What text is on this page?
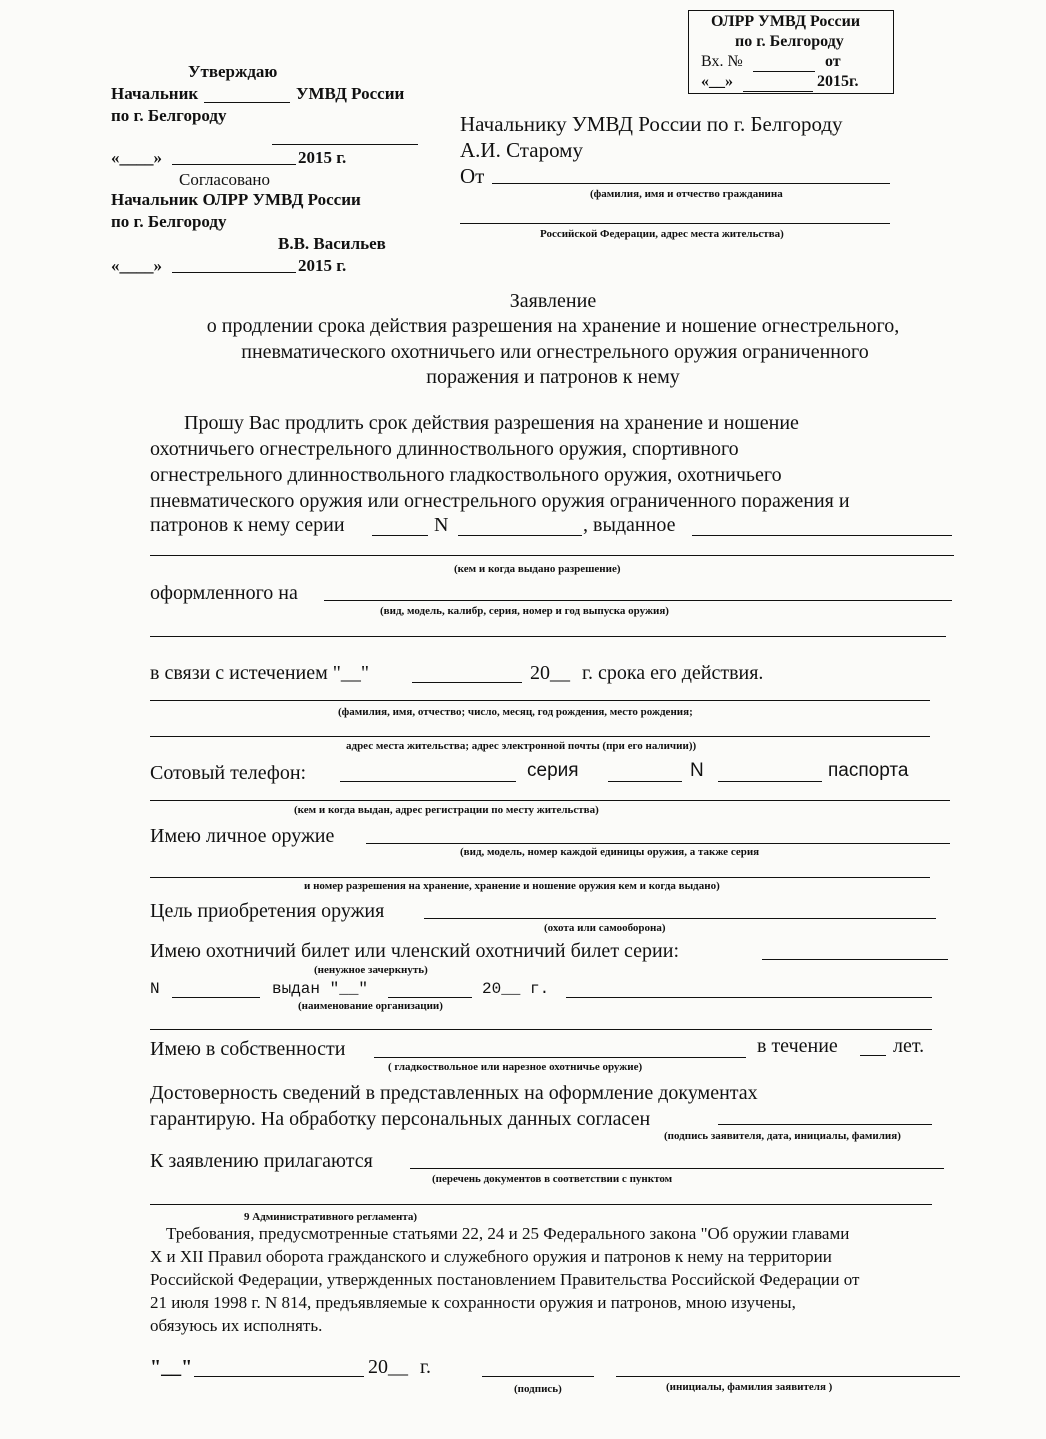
ОЛРР УМВД России
по г. Белгороду
Вх. №	от
«__»	2015г.
Утверждаю
Начальник	УМВД России
по г. Белгороду
«____»	2015 г.
Согласовано
Начальник ОЛРР УМВД России
по г. Белгороду
В.В. Васильев
«____»	2015 г.
Начальнику УМВД России по г. Белгороду
А.И. Старому
От
(фамилия, имя и отчество гражданина
Российской Федерации, адрес места жительства)
Заявление
о продлении срока действия разрешения на хранение и ношение огнестрельного,
пневматического охотничьего или огнестрельного оружия ограниченного
поражения и патронов к нему
Прошу Вас продлить срок действия разрешения на хранение и ношение
охотничьего огнестрельного длинноствольного оружия, спортивного
огнестрельного длинноствольного гладкоствольного оружия, охотничьего
пневматического оружия или огнестрельного оружия ограниченного поражения и
патронов к нему серии	N	, выданное
(кем и когда выдано разрешение)
оформленного на
(вид, модель, калибр, серия, номер и год выпуска оружия)
в связи с истечением "__"	20__ г. срока его действия.
(фамилия, имя, отчество; число, месяц, год рождения, место рождения;
адрес места жительства; адрес электронной почты (при его наличии))
Сотовый телефон:	серия	N	паспорта
(кем и когда выдан, адрес регистрации по месту жительства)
Имею личное оружие
(вид, модель, номер каждой единицы оружия, а также серия
и номер разрешения на хранение, хранение и ношение оружия кем и когда выдано)
Цель приобретения оружия
(охота или самооборона)
Имею охотничий билет или членский охотничий билет серии:
(ненужное зачеркнуть)
N	выдан "__"	20__ г.
(наименование организации)
Имею в собственности	в течение	лет.
( гладкоствольное или нарезное охотничье оружие)
Достоверность сведений в представленных на оформление документах
гарантирую. На обработку персональных данных согласен
(подпись заявителя, дата, инициалы, фамилия)
К заявлению прилагаются
(перечень документов в соответствии с пунктом
9 Административного регламента)
Требования, предусмотренные статьями 22, 24 и 25 Федерального закона "Об оружии главами
X и XII Правил оборота гражданского и служебного оружия и патронов к нему на территории
Российской Федерации, утвержденных постановлением Правительства Российской Федерации от
21 июля 1998 г. N 814, предъявляемые к сохранности оружия и патронов, мною изучены,
обязуюсь их исполнять.
"__"	20__ г.
(подпись)	(инициалы, фамилия заявителя )
